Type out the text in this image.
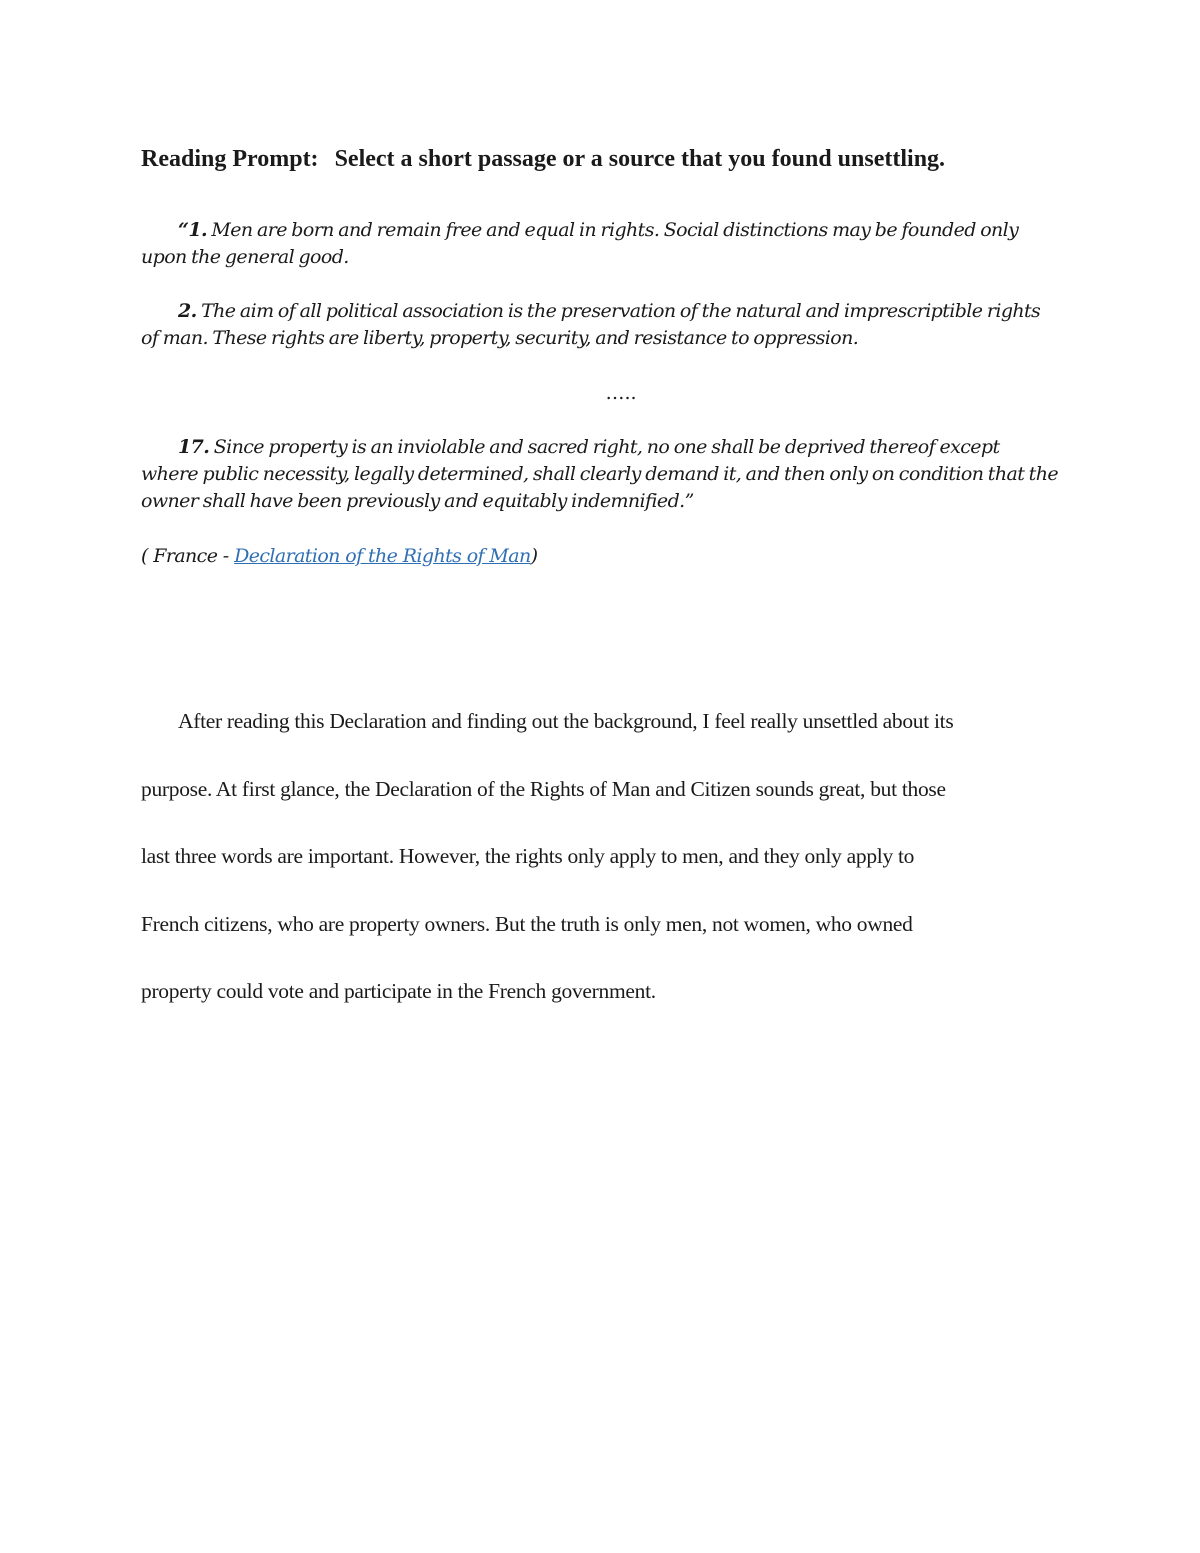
Reading Prompt: Select a short passage or a source that you found unsettling.

“1. Men are born and remain free and equal in rights. Social distinctions may be founded only upon the general good.

2. The aim of all political association is the preservation of the natural and imprescriptible rights of man. These rights are liberty, property, security, and resistance to oppression.

…..

17. Since property is an inviolable and sacred right, no one shall be deprived thereof except where public necessity, legally determined, shall clearly demand it, and then only on condition that the owner shall have been previously and equitably indemnified.”

( France - Declaration of the Rights of Man)

After reading this Declaration and finding out the background, I feel really unsettled about its
purpose. At first glance, the Declaration of the Rights of Man and Citizen sounds great, but those
last three words are important. However, the rights only apply to men, and they only apply to
French citizens, who are property owners. But the truth is only men, not women, who owned
property could vote and participate in the French government.
